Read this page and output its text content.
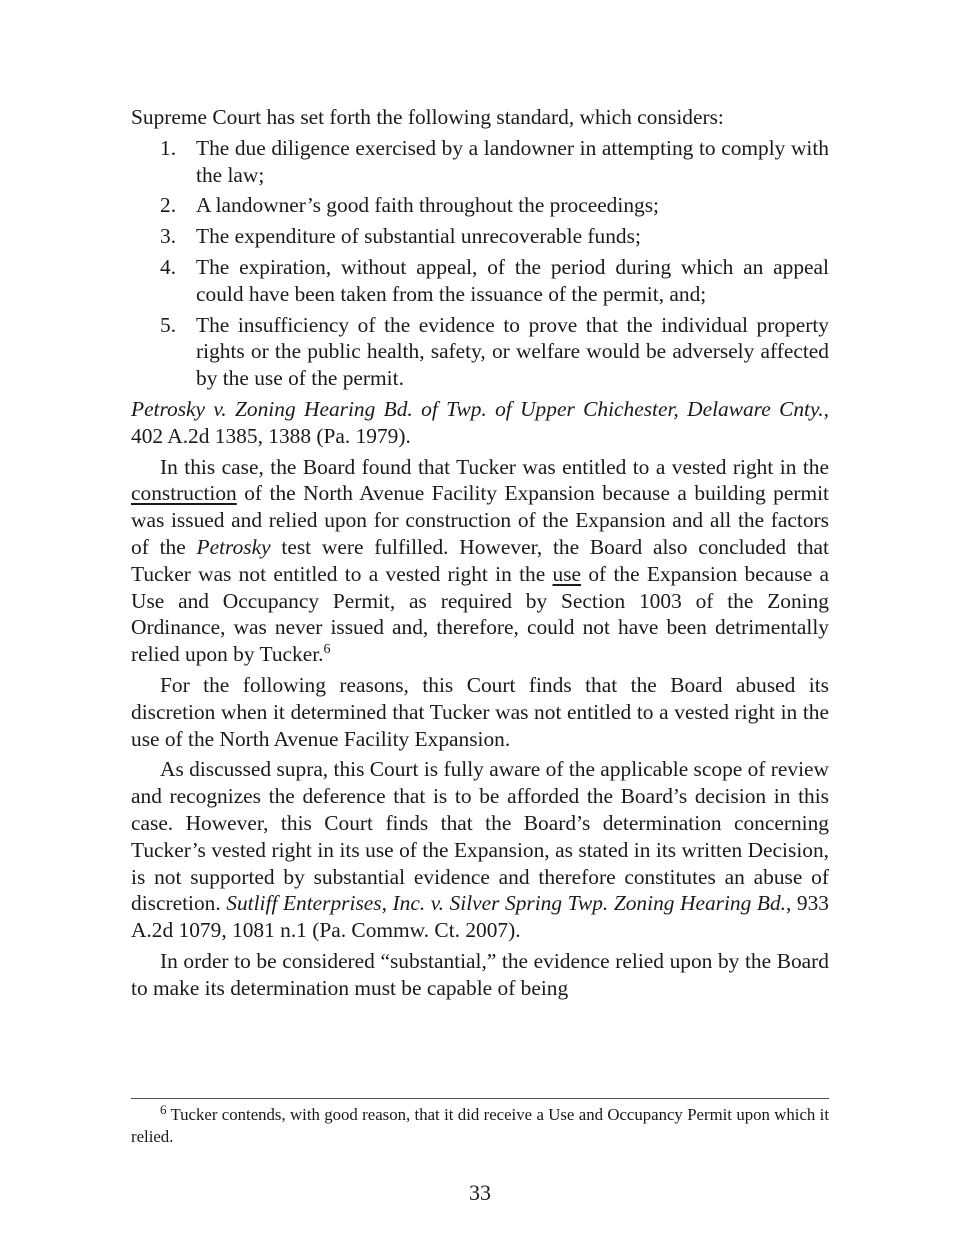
Supreme Court has set forth the following standard, which considers:

1. The due diligence exercised by a landowner in attempting to comply with the law;
2. A landowner’s good faith throughout the proceedings;
3. The expenditure of substantial unrecoverable funds;
4. The expiration, without appeal, of the period during which an appeal could have been taken from the issuance of the permit, and;
5. The insufficiency of the evidence to prove that the individual property rights or the public health, safety, or welfare would be adversely affected by the use of the permit.

Petrosky v. Zoning Hearing Bd. of Twp. of Upper Chichester, Delaware Cnty., 402 A.2d 1385, 1388 (Pa. 1979).

In this case, the Board found that Tucker was entitled to a vested right in the construction of the North Avenue Facility Expansion because a building permit was issued and relied upon for construction of the Expansion and all the factors of the Petrosky test were fulfilled. However, the Board also concluded that Tucker was not entitled to a vested right in the use of the Expansion because a Use and Occupancy Permit, as required by Section 1003 of the Zoning Ordinance, was never issued and, therefore, could not have been detrimentally relied upon by Tucker.$^6$

For the following reasons, this Court finds that the Board abused its discretion when it determined that Tucker was not entitled to a vested right in the use of the North Avenue Facility Expansion.

As discussed supra, this Court is fully aware of the applicable scope of review and recognizes the deference that is to be afforded the Board’s decision in this case. However, this Court finds that the Board’s determination concerning Tucker’s vested right in its use of the Expansion, as stated in its written Decision, is not supported by substantial evidence and therefore constitutes an abuse of discretion. Sutliff Enterprises, Inc. v. Silver Spring Twp. Zoning Hearing Bd., 933 A.2d 1079, 1081 n.1 (Pa. Commw. Ct. 2007).

In order to be considered “substantial,” the evidence relied upon by the Board to make its determination must be capable of being

$^6$ Tucker contends, with good reason, that it did receive a Use and Occupancy Permit upon which it relied.
33
